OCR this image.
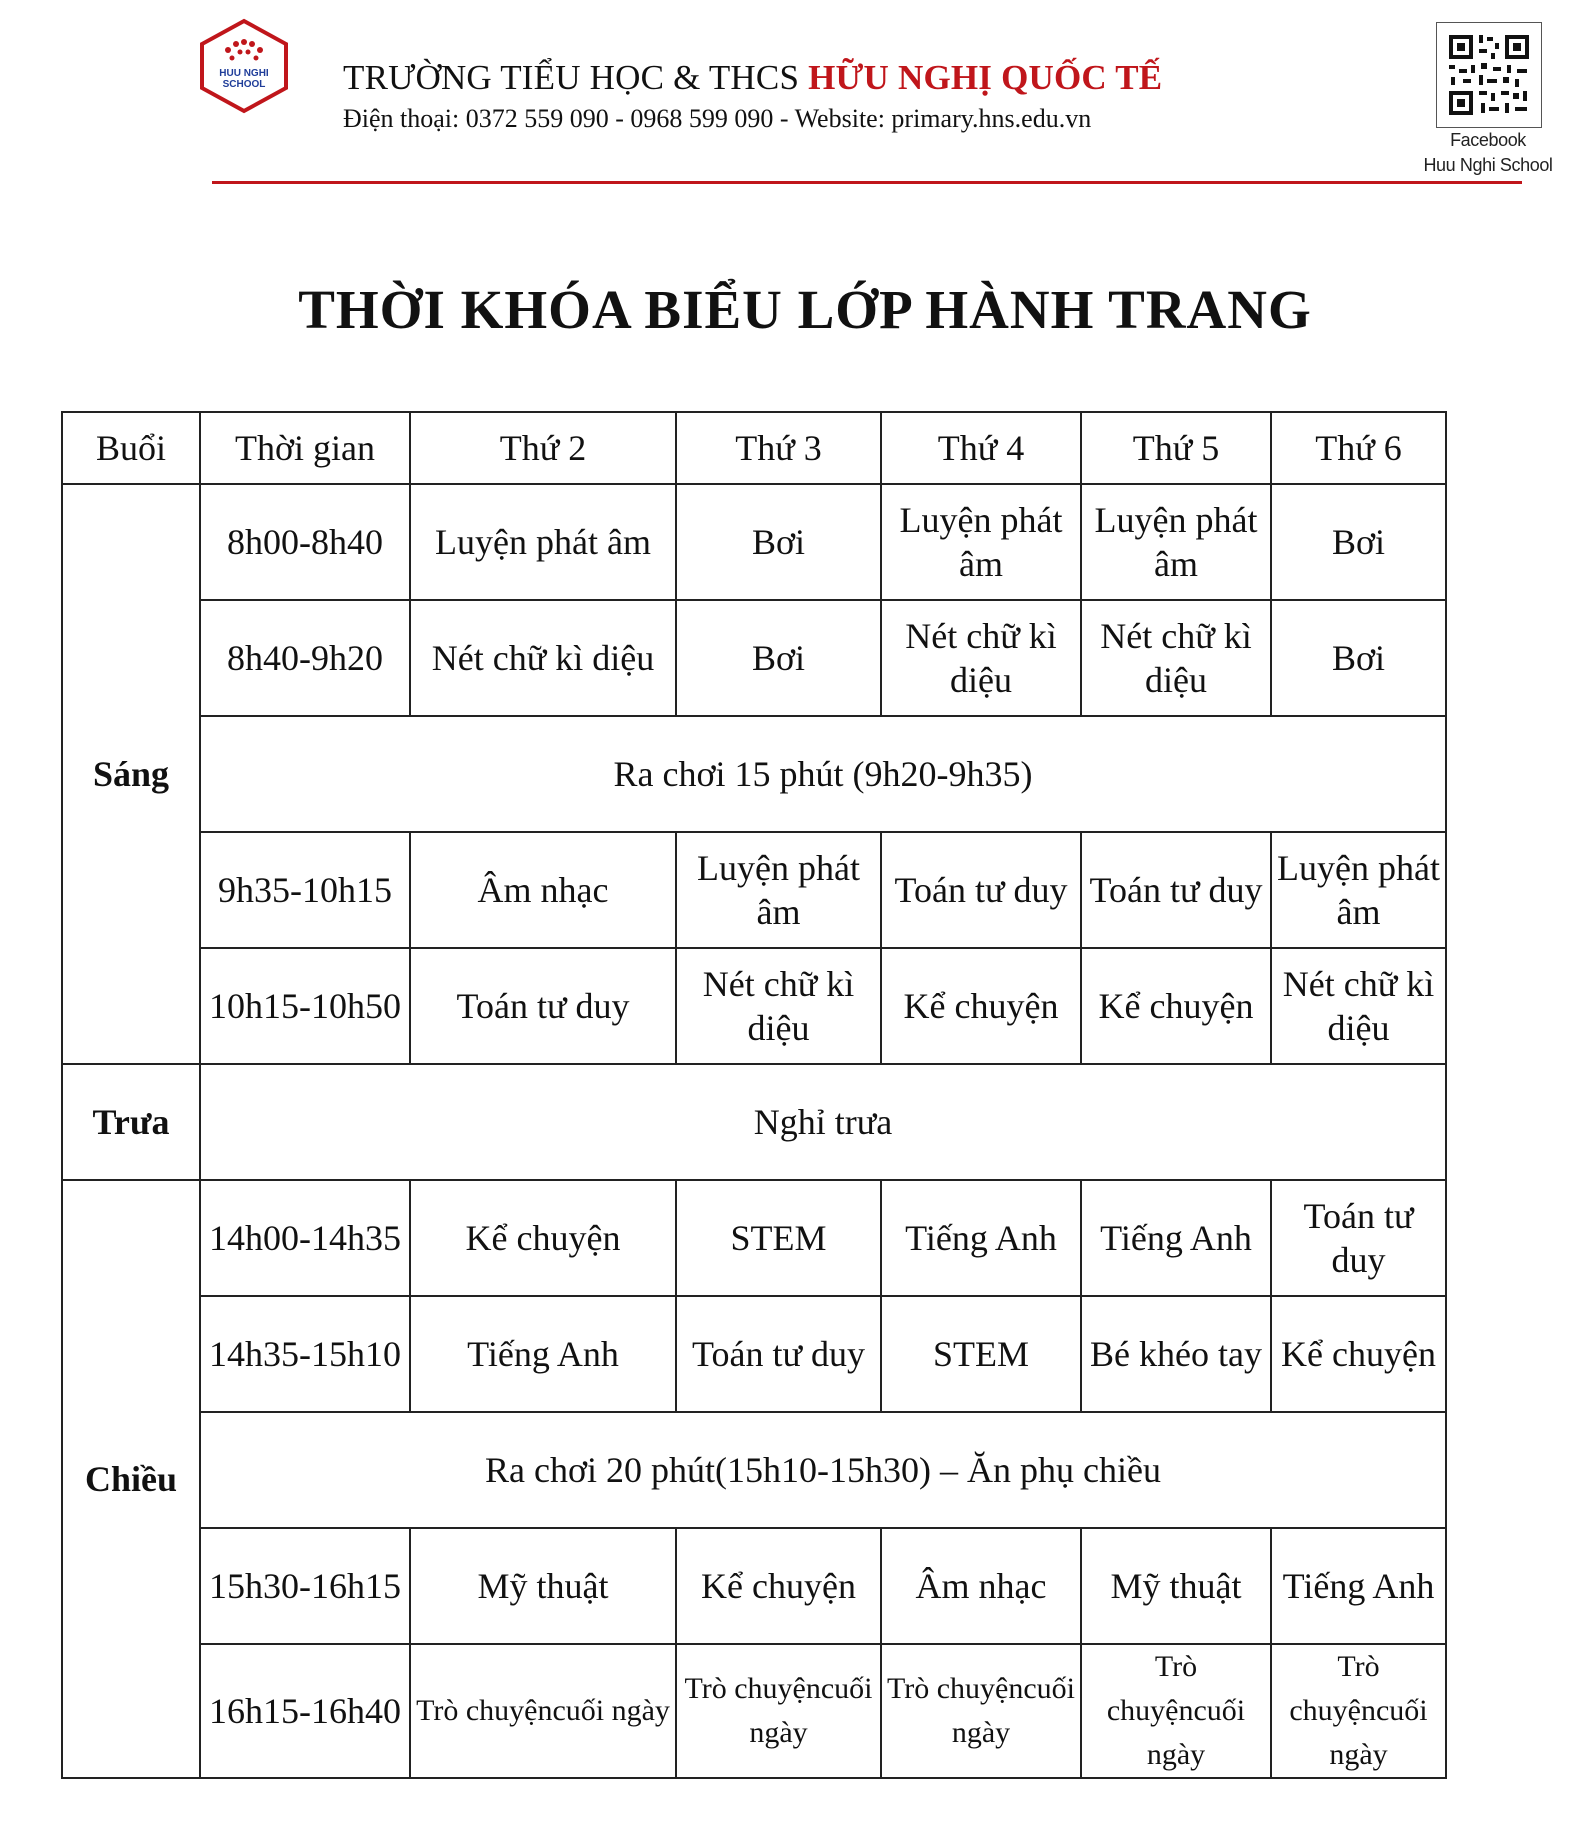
HUU NGHI
SCHOOL TRƯỜNG TIỂU HỌC & THCS HỮU NGHỊ QUỐC TẾ
Điện thoại: 0372 559 090 - 0968 599 090 - Website: primary.hns.edu.vn
Facebook
Huu Nghi School
THỜI KHÓA BIỂU LỚP HÀNH TRANG
Buổi	Thời gian	Thứ 2	Thứ 3	Thứ 4	Thứ 5	Thứ 6
Sáng	8h00-8h40	Luyện phát âm	Bơi	Luyện phát âm	Luyện phát âm	Bơi
	8h40-9h20	Nét chữ kì diệu	Bơi	Nét chữ kì diệu	Nét chữ kì diệu	Bơi
	Ra chơi 15 phút (9h20-9h35)					
	9h35-10h15	Âm nhạc	Luyện phát âm	Toán tư duy	Toán tư duy	Luyện phát âm
	10h15-10h50	Toán tư duy	Nét chữ kì diệu	Kể chuyện	Kể chuyện	Nét chữ kì diệu
Trưa	Nghỉ trưa					
Chiều	14h00-14h35	Kể chuyện	STEM	Tiếng Anh	Tiếng Anh	Toán tư duy
	14h35-15h10	Tiếng Anh	Toán tư duy	STEM	Bé khéo tay	Kể chuyện
	Ra chơi 20 phút(15h10-15h30) – Ăn phụ chiều					
	15h30-16h15	Mỹ thuật	Kể chuyện	Âm nhạc	Mỹ thuật	Tiếng Anh
	16h15-16h40	Trò chuyệncuối ngày	Trò chuyệncuối ngày	Trò chuyệncuối ngày	Trò chuyệncuối ngày	Trò chuyệncuối ngày
